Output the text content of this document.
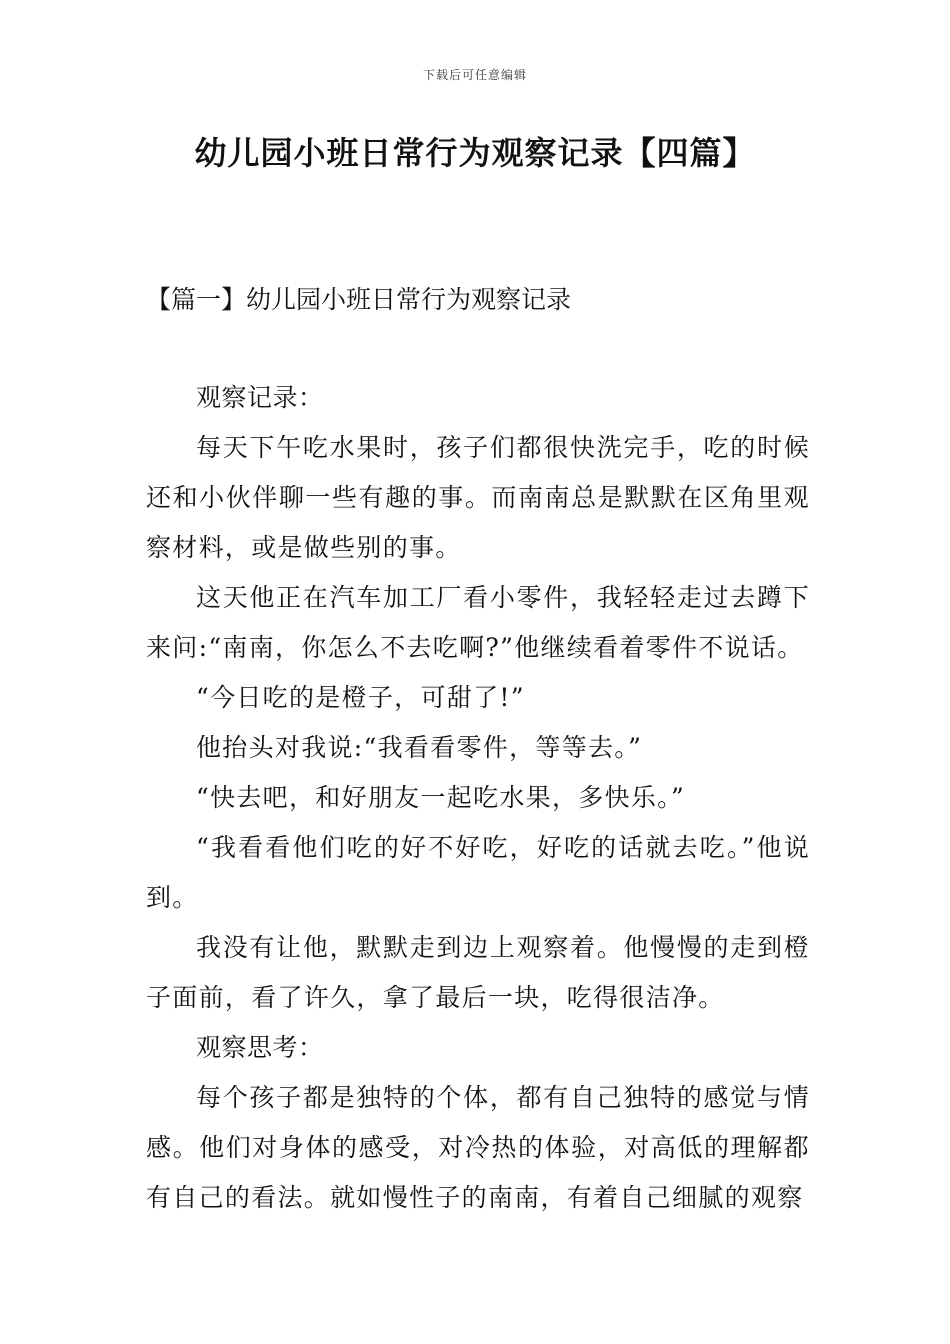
下载后可任意编辑
幼儿园小班日常行为观察记录【四篇】
【篇一】幼儿园小班日常行为观察记录

观察记录：

每天下午吃水果时，孩子们都很快洗完手，吃的时候还和小伙伴聊一些有趣的事。而南南总是默默在区角里观察材料，或是做些别的事。

这天他正在汽车加工厂看小零件，我轻轻走过去蹲下来问:“南南，你怎么不去吃啊?”他继续看着零件不说话。

“今日吃的是橙子，可甜了!”

他抬头对我说:“我看看零件，等等去。”

“快去吧，和好朋友一起吃水果，多快乐。”

“我看看他们吃的好不好吃，好吃的话就去吃。”他说到。

我没有让他，默默走到边上观察着。他慢慢的走到橙子面前，看了许久，拿了最后一块，吃得很洁净。

观察思考：

每个孩子都是独特的个体，都有自己独特的感觉与情感。他们对身体的感受，对冷热的体验，对高低的理解都有自己的看法。就如慢性子的南南，有着自己细腻的观察
